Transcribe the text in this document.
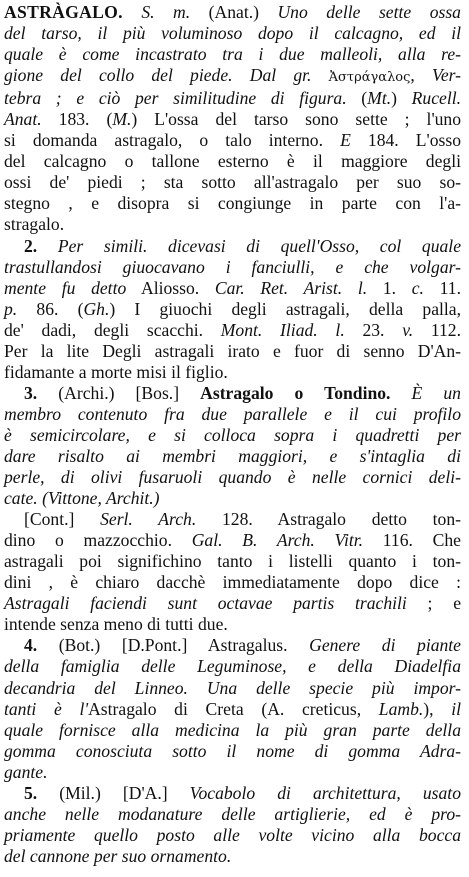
ASTRÀGALO. S. m. (Anat.) Uno delle sette ossa
del tarso, il più voluminoso dopo il calcagno, ed il
quale è come incastrato tra i due malleoli, alla re-
gione del collo del piede. Dal gr. Ἀστράγαλος, Ver-
tebra ; e ciò per similitudine di figura. (Mt.) Rucell.
Anat. 183. (M.) L'ossa del tarso sono sette ; l'uno
si domanda astragalo, o talo interno. E 184. L'osso
del calcagno o tallone esterno è il maggiore degli
ossi de' piedi ; sta sotto all'astragalo per suo so-
stegno , e disopra si congiunge in parte con l'a-
stragalo.
2. Per simili. dicevasi di quell'Osso, col quale
trastullandosi giuocavano i fanciulli, e che volgar-
mente fu detto Aliosso. Car. Ret. Arist. l. 1. c. 11.
p. 86. (Gh.) I giuochi degli astragali, della palla,
de' dadi, degli scacchi. Mont. Iliad. l. 23. v. 112.
Per la lite Degli astragali irato e fuor di senno D'An-
fidamante a morte misi il figlio.
3. (Archi.) [Bos.] Astragalo o Tondino. È un
membro contenuto fra due parallele e il cui profilo
è semicircolare, e si colloca sopra i quadretti per
dare risalto ai membri maggiori, e s'intaglia di
perle, di olivi fusaruoli quando è nelle cornici deli-
cate. (Vittone, Archit.)
[Cont.] Serl. Arch. 128. Astragalo detto ton-
dino o mazzocchio. Gal. B. Arch. Vitr. 116. Che
astragali poi significhino tanto i listelli quanto i ton-
dini , è chiaro dacchè immediatamente dopo dice :
Astragali faciendi sunt octavae partis trachili ; e
intende senza meno di tutti due.
4. (Bot.) [D.Pont.] Astragalus. Genere di piante
della famiglia delle Leguminose, e della Diadelfia
decandria del Linneo. Una delle specie più impor-
tanti è l'Astragalo di Creta (A. creticus, Lamb.), il
quale fornisce alla medicina la più gran parte della
gomma conosciuta sotto il nome di gomma Adra-
gante.
5. (Mil.) [D'A.] Vocabolo di architettura, usato
anche nelle modanature delle artiglierie, ed è pro-
priamente quello posto alle volte vicino alla bocca
del cannone per suo ornamento.
